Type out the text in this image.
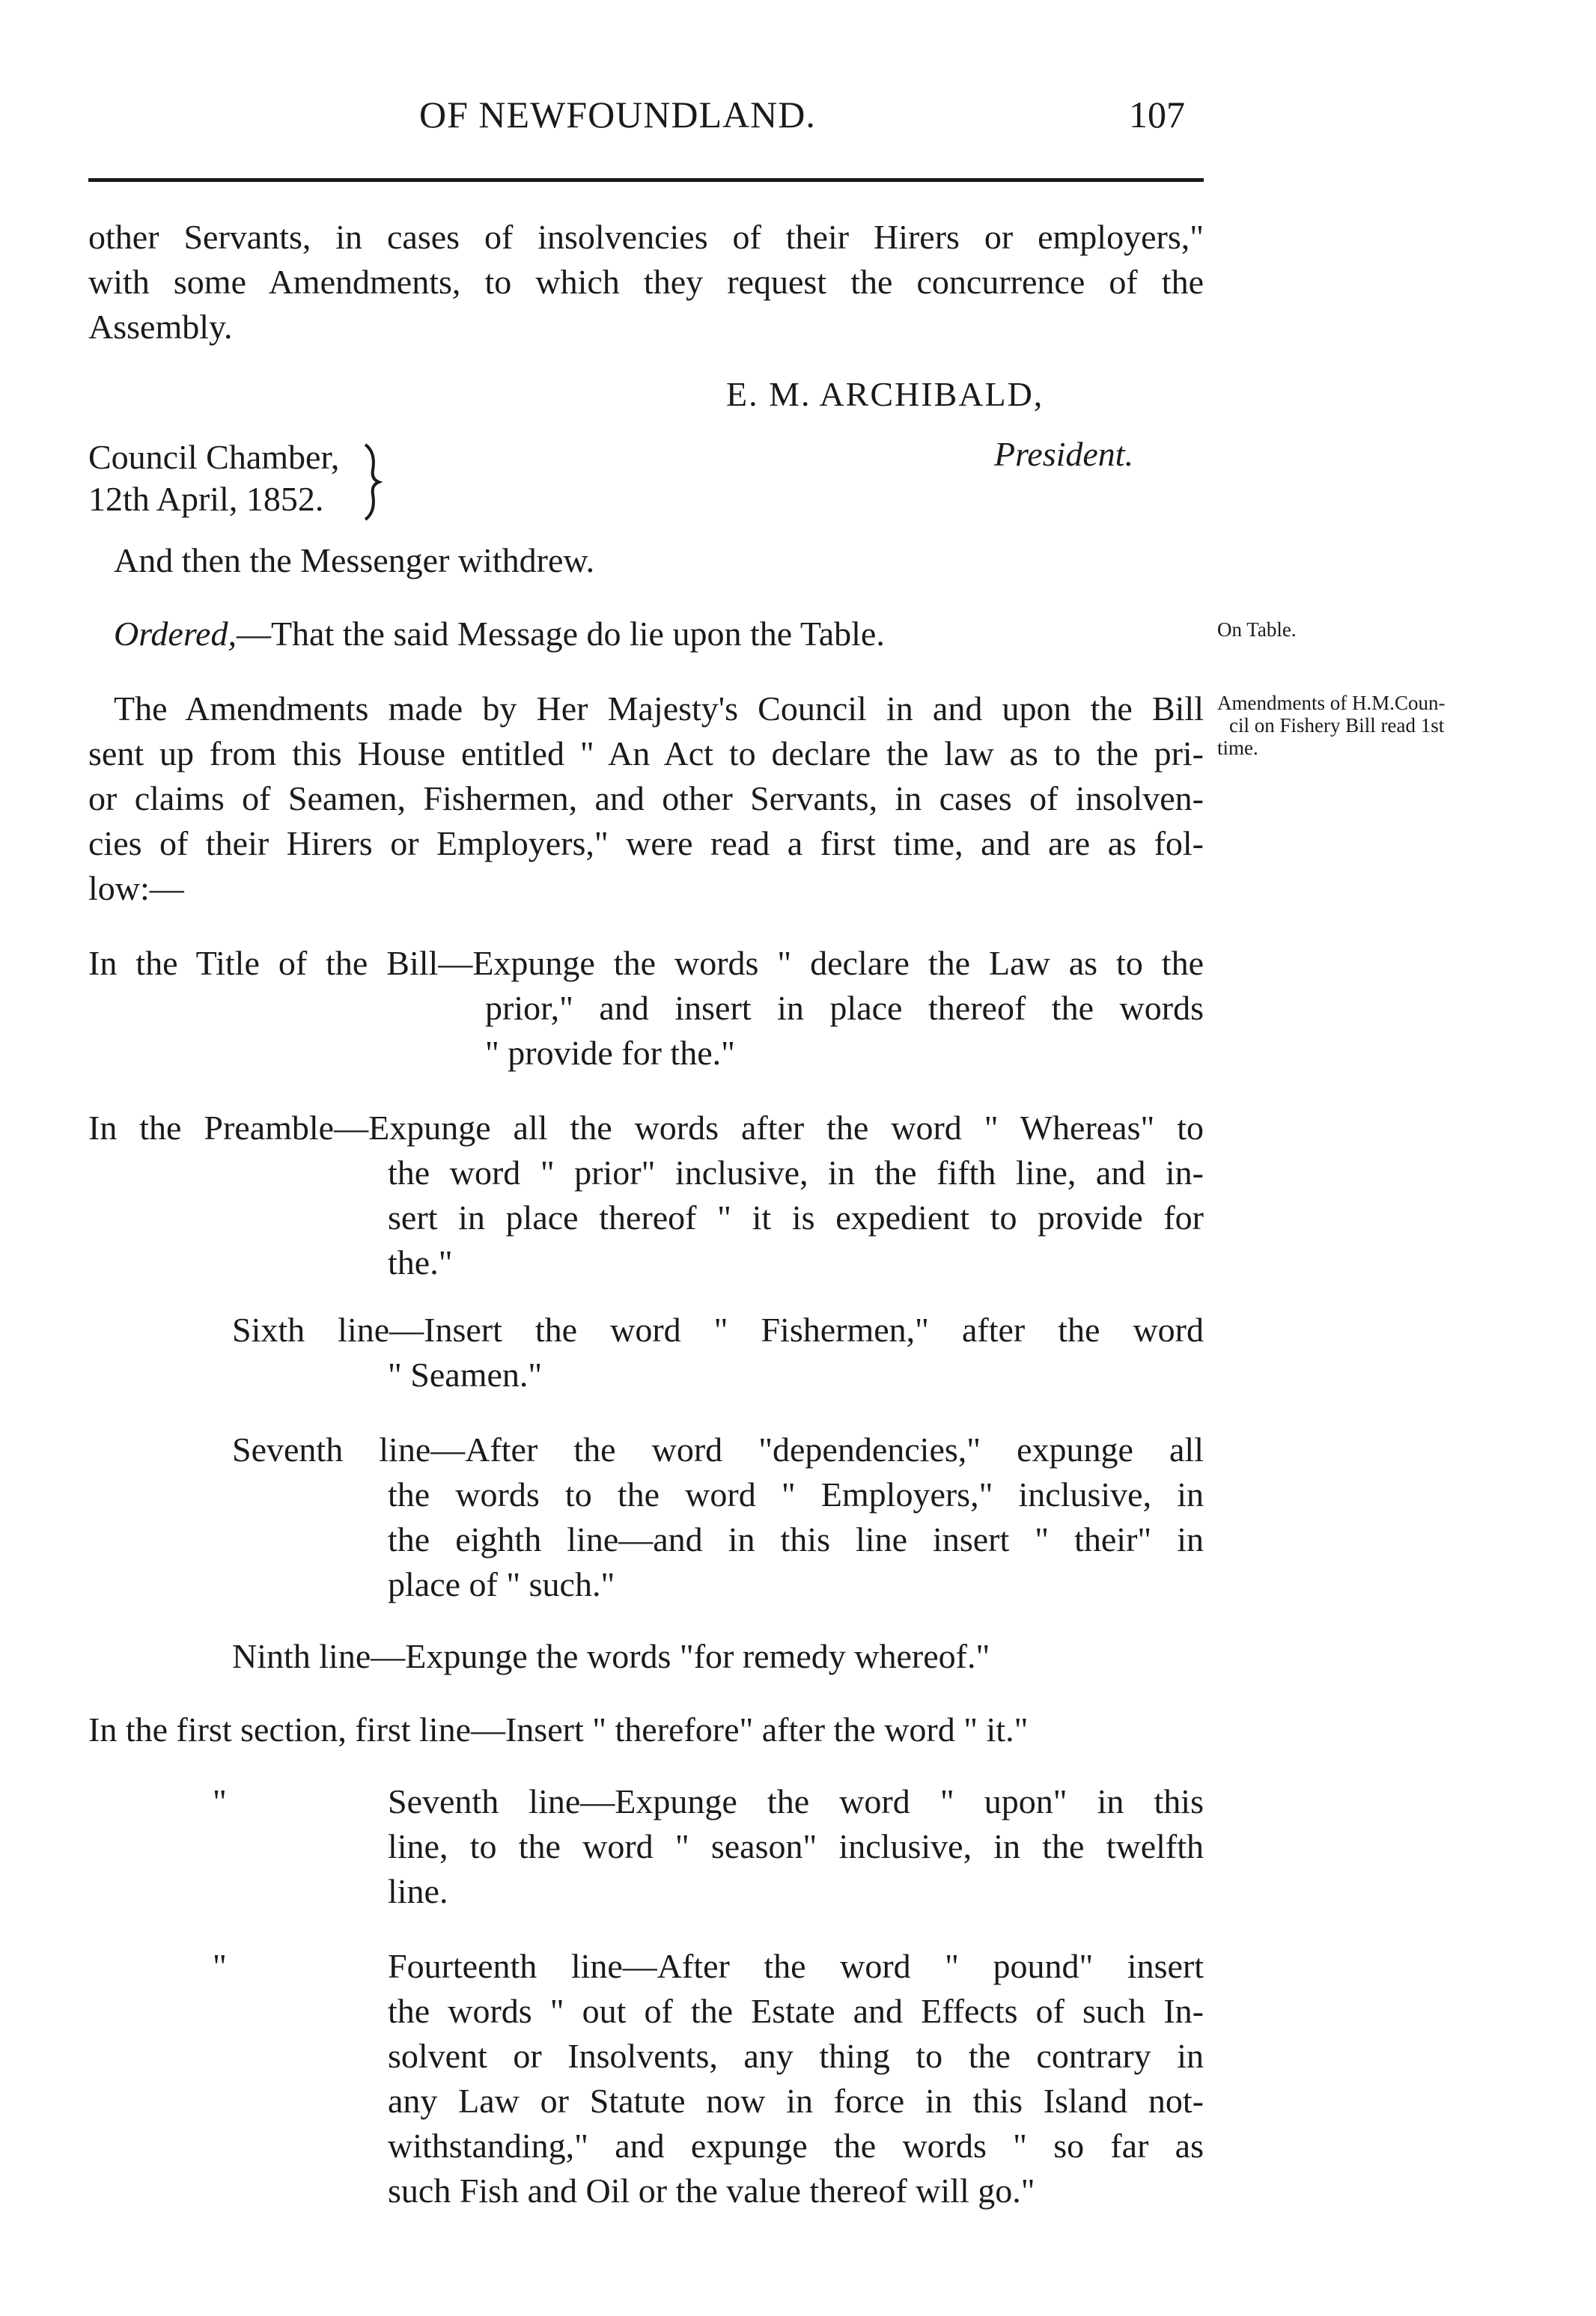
OF NEWFOUNDLAND.	107
other Servants, in cases of insolvencies of their Hirers or employers,"
with some Amendments, to which they request the concurrence of the
Assembly.
E. M. ARCHIBALD,
President.
Council Chamber,
12th April, 1852.
And then the Messenger withdrew.
Ordered,—That the said Message do lie upon the Table.	On Table.
Amendments of H.M.Coun-
cil on Fishery Bill read 1st
time.
The Amendments made by Her Majesty's Council in and upon the Bill
sent up from this House entitled " An Act to declare the law as to the pri-
or claims of Seamen, Fishermen, and other Servants, in cases of insolven-
cies of their Hirers or Employers," were read a first time, and are as fol-
low:—
In the Title of the Bill—Expunge the words " declare the Law as to the
prior," and insert in place thereof the words
" provide for the."
In the Preamble—Expunge all the words after the word " Whereas" to
the word " prior" inclusive, in the fifth line, and in-
sert in place thereof " it is expedient to provide for
the."
Sixth line—Insert the word " Fishermen," after the word
" Seamen."
Seventh line—After the word "dependencies," expunge all
the words to the word " Employers," inclusive, in
the eighth line—and in this line insert " their" in
place of " such."
Ninth line—Expunge the words "for remedy whereof."
In the first section, first line—Insert " therefore" after the word " it."
"	Seventh line—Expunge the word " upon" in this
line, to the word " season" inclusive, in the twelfth
line.
"	Fourteenth line—After the word " pound" insert
the words " out of the Estate and Effects of such In-
solvent or Insolvents, any thing to the contrary in
any Law or Statute now in force in this Island not-
withstanding," and expunge the words " so far as
such Fish and Oil or the value thereof will go."
